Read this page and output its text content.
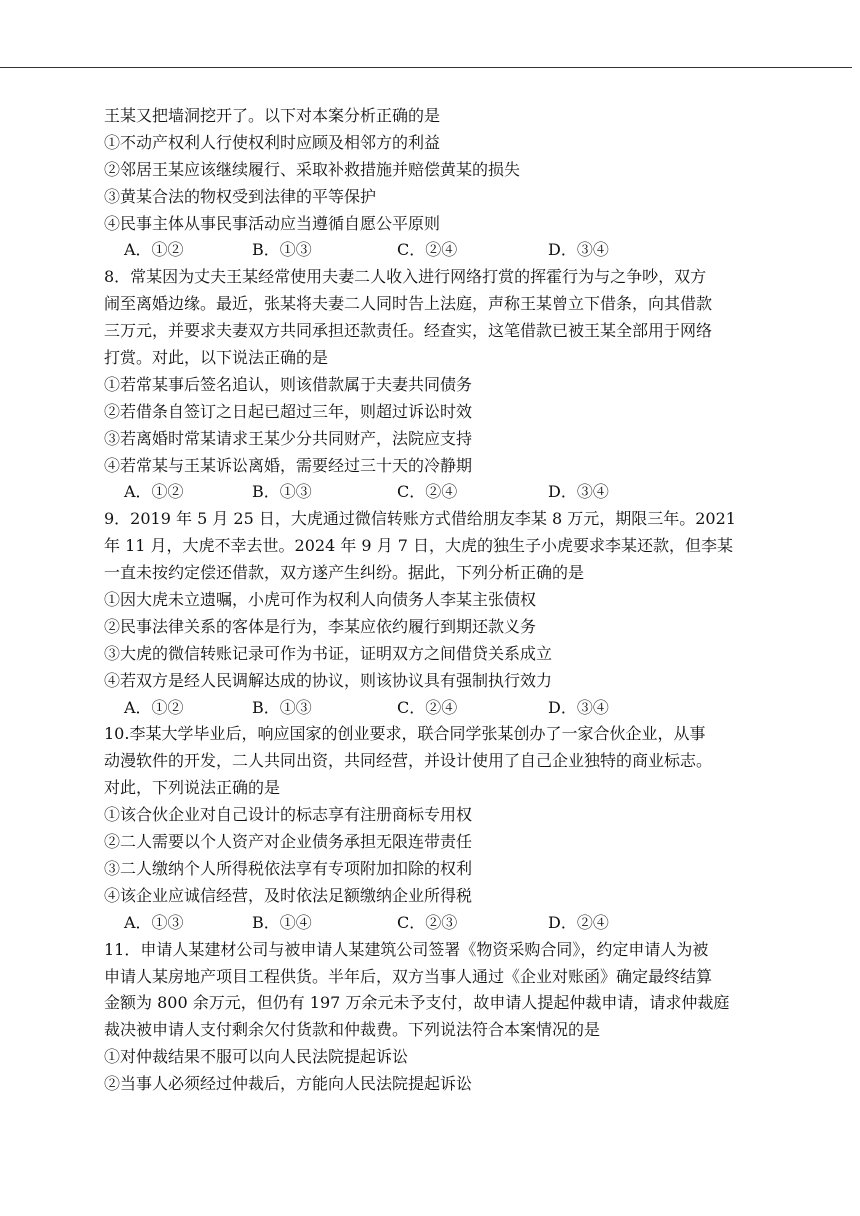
王某又把墙洞挖开了。以下对本案分析正确的是
①不动产权利人行使权利时应顾及相邻方的利益
②邻居王某应该继续履行、采取补救措施并赔偿黄某的损失
③黄某合法的物权受到法律的平等保护
④民事主体从事民事活动应当遵循自愿公平原则
A．①②	B．①③	C．②④	D．③④
8．常某因为丈夫王某经常使用夫妻二人收入进行网络打赏的挥霍行为与之争吵，双方
闹至离婚边缘。最近，张某将夫妻二人同时告上法庭，声称王某曾立下借条，向其借款
三万元，并要求夫妻双方共同承担还款责任。经查实，这笔借款已被王某全部用于网络
打赏。对此，以下说法正确的是
①若常某事后签名追认，则该借款属于夫妻共同债务
②若借条自签订之日起已超过三年，则超过诉讼时效
③若离婚时常某请求王某少分共同财产，法院应支持
④若常某与王某诉讼离婚，需要经过三十天的冷静期
A．①②	B．①③	C．②④	D．③④
9．2019 年 5 月 25 日，大虎通过微信转账方式借给朋友李某 8 万元，期限三年。2021
年 11 月，大虎不幸去世。2024 年 9 月 7 日，大虎的独生子小虎要求李某还款，但李某
一直未按约定偿还借款，双方遂产生纠纷。据此，下列分析正确的是
①因大虎未立遗嘱，小虎可作为权利人向债务人李某主张债权
②民事法律关系的客体是行为，李某应依约履行到期还款义务
③大虎的微信转账记录可作为书证，证明双方之间借贷关系成立
④若双方是经人民调解达成的协议，则该协议具有强制执行效力
A．①②	B．①③	C．②④	D．③④
10.李某大学毕业后，响应国家的创业要求，联合同学张某创办了一家合伙企业，从事
动漫软件的开发，二人共同出资，共同经营，并设计使用了自己企业独特的商业标志。
对此，下列说法正确的是
①该合伙企业对自己设计的标志享有注册商标专用权
②二人需要以个人资产对企业债务承担无限连带责任
③二人缴纳个人所得税依法享有专项附加扣除的权利
④该企业应诚信经营，及时依法足额缴纳企业所得税
A．①③	B．①④	C．②③	D．②④
11．申请人某建材公司与被申请人某建筑公司签署《物资采购合同》，约定申请人为被
申请人某房地产项目工程供货。半年后，双方当事人通过《企业对账函》确定最终结算
金额为 800 余万元，但仍有 197 万余元未予支付，故申请人提起仲裁申请，请求仲裁庭
裁决被申请人支付剩余欠付货款和仲裁费。下列说法符合本案情况的是
①对仲裁结果不服可以向人民法院提起诉讼
②当事人必须经过仲裁后，方能向人民法院提起诉讼
